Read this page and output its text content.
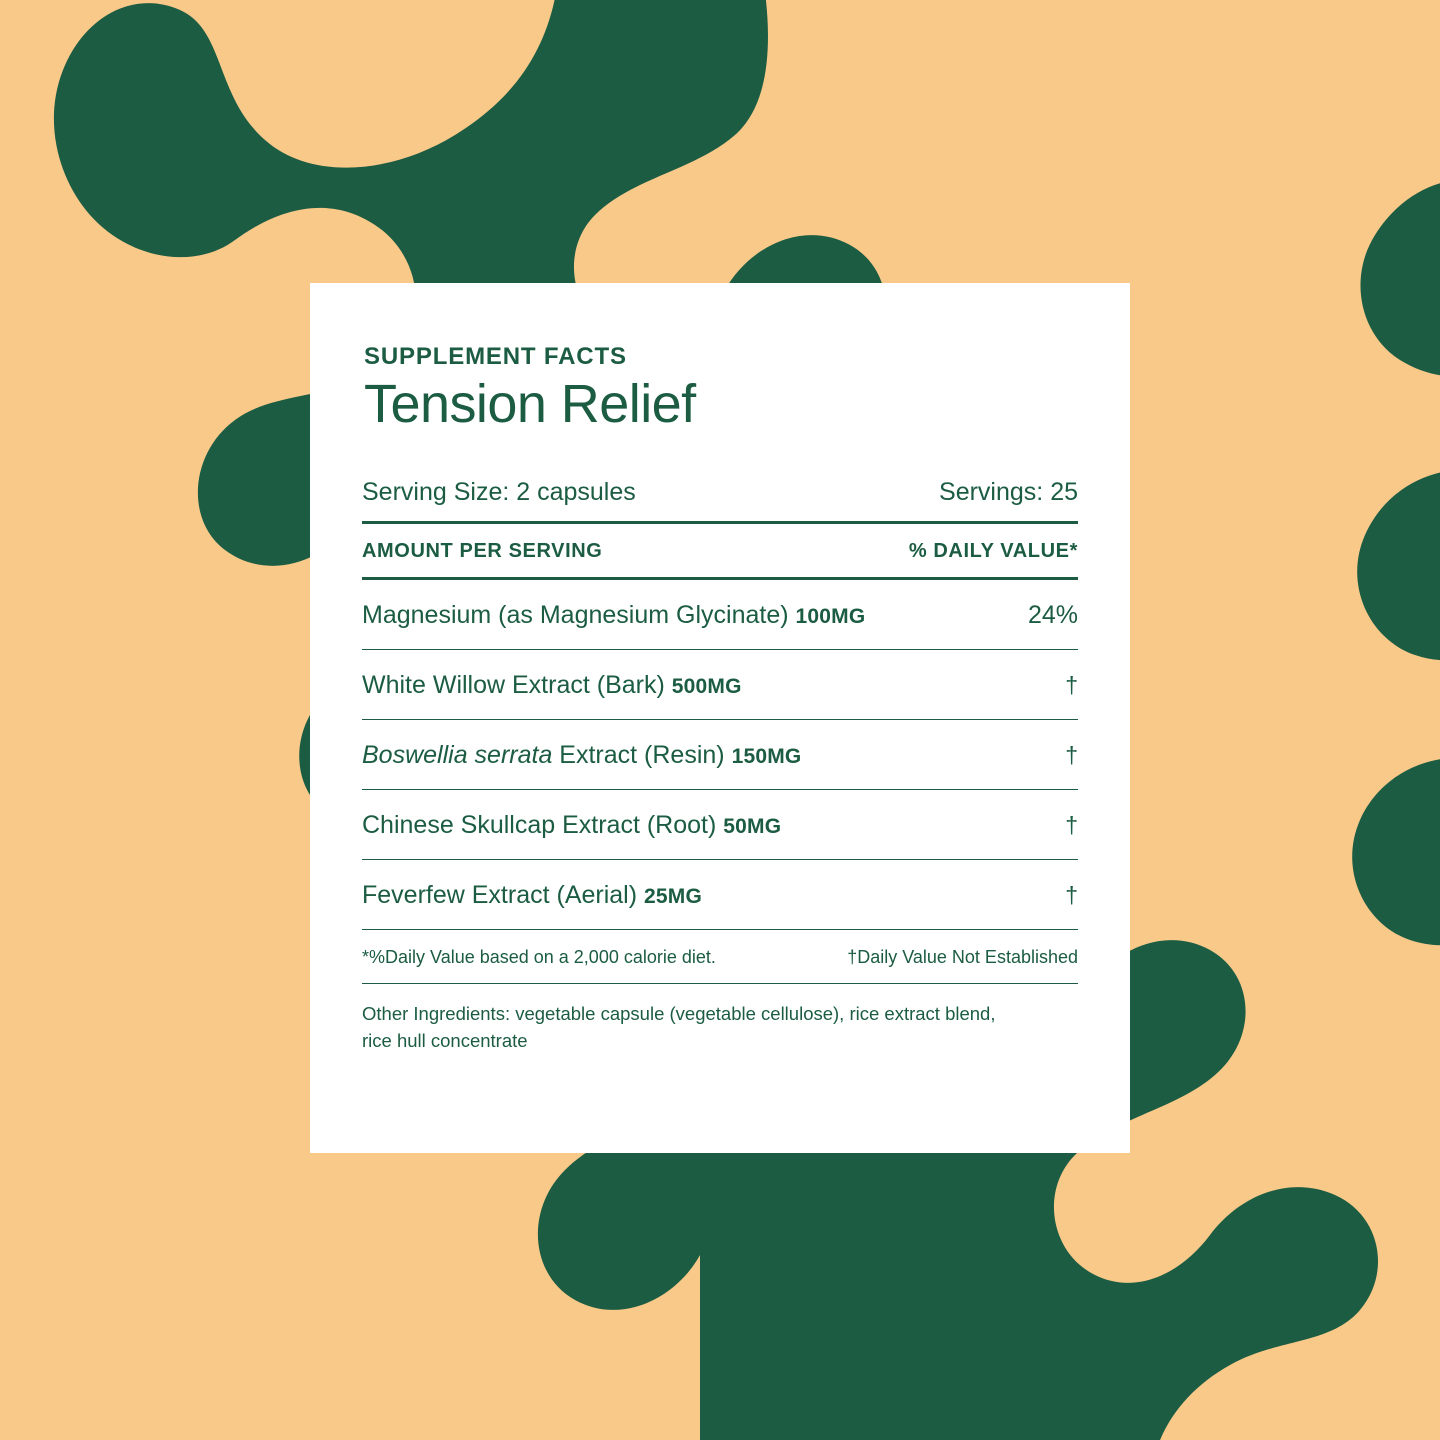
SUPPLEMENT FACTS
Tension Relief
Serving Size: 2 capsules	Servings: 25
AMOUNT PER SERVING	% DAILY VALUE*
Magnesium (as Magnesium Glycinate) 100MG	24%
White Willow Extract (Bark) 500MG	†
Boswellia serrata Extract (Resin) 150MG	†
Chinese Skullcap Extract (Root) 50MG	†
Feverfew Extract (Aerial) 25MG	†
*%Daily Value based on a 2,000 calorie diet.	†Daily Value Not Established
Other Ingredients: vegetable capsule (vegetable cellulose), rice extract blend, rice hull concentrate
